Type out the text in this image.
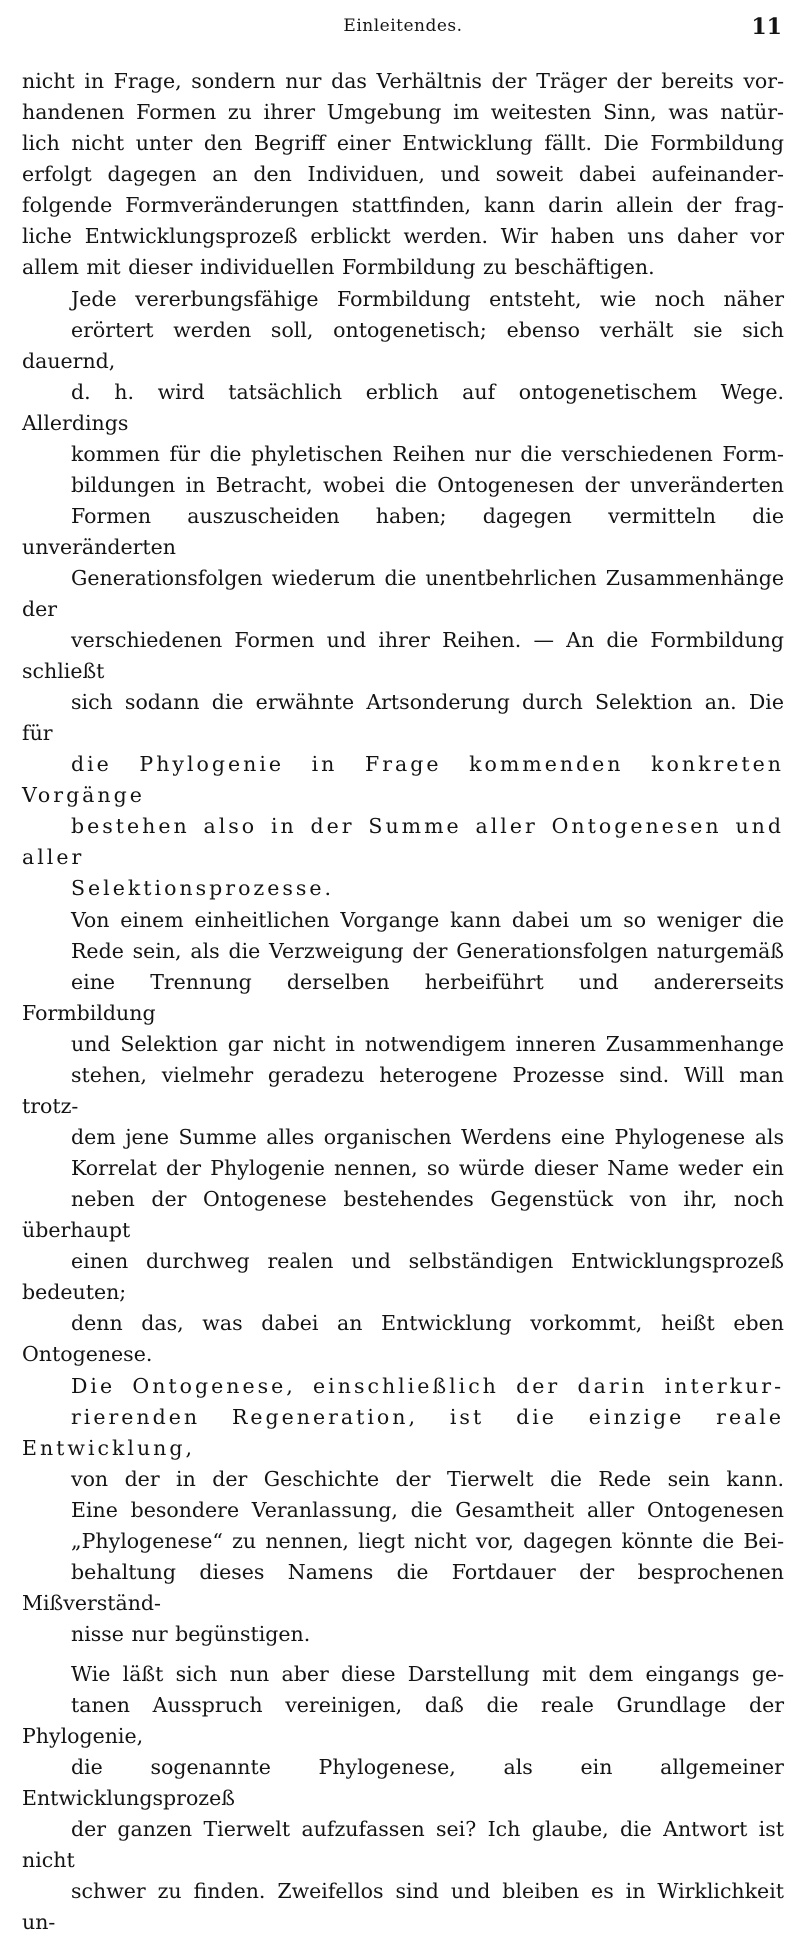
Einleitendes.	11

nicht in Frage, sondern nur das Verhältnis der Träger der bereits vor-
handenen Formen zu ihrer Umgebung im weitesten Sinn, was natür-
lich nicht unter den Begriff einer Entwicklung fällt. Die Formbildung
erfolgt dagegen an den Individuen, und soweit dabei aufeinander-
folgende Formveränderungen stattfinden, kann darin allein der frag-
liche Entwicklungsprozeß erblickt werden. Wir haben uns daher vor
allem mit dieser individuellen Formbildung zu beschäftigen.

Jede vererbungsfähige Formbildung entsteht, wie noch näher
erörtert werden soll, ontogenetisch; ebenso verhält sie sich dauernd,
d. h. wird tatsächlich erblich auf ontogenetischem Wege. Allerdings
kommen für die phyletischen Reihen nur die verschiedenen Form-
bildungen in Betracht, wobei die Ontogenesen der unveränderten
Formen auszuscheiden haben; dagegen vermitteln die unveränderten
Generationsfolgen wiederum die unentbehrlichen Zusammenhänge der
verschiedenen Formen und ihrer Reihen. — An die Formbildung schließt
sich sodann die erwähnte Artsonderung durch Selektion an. Die für
die Phylogenie in Frage kommenden konkreten Vorgänge
bestehen also in der Summe aller Ontogenesen und aller
Selektionsprozesse.

Von einem einheitlichen Vorgange kann dabei um so weniger die
Rede sein, als die Verzweigung der Generationsfolgen naturgemäß
eine Trennung derselben herbeiführt und andererseits Formbildung
und Selektion gar nicht in notwendigem inneren Zusammenhange
stehen, vielmehr geradezu heterogene Prozesse sind. Will man trotz-
dem jene Summe alles organischen Werdens eine Phylogenese als
Korrelat der Phylogenie nennen, so würde dieser Name weder ein
neben der Ontogenese bestehendes Gegenstück von ihr, noch überhaupt
einen durchweg realen und selbständigen Entwicklungsprozeß bedeuten;
denn das, was dabei an Entwicklung vorkommt, heißt eben Ontogenese.

Die Ontogenese, einschließlich der darin interkur-
rierenden Regeneration, ist die einzige reale Entwicklung,
von der in der Geschichte der Tierwelt die Rede sein kann.
Eine besondere Veranlassung, die Gesamtheit aller Ontogenesen
„Phylogenese“ zu nennen, liegt nicht vor, dagegen könnte die Bei-
behaltung dieses Namens die Fortdauer der besprochenen Mißverständ-
nisse nur begünstigen.

Wie läßt sich nun aber diese Darstellung mit dem eingangs ge-
tanen Ausspruch vereinigen, daß die reale Grundlage der Phylogenie,
die sogenannte Phylogenese, als ein allgemeiner Entwicklungsprozeß
der ganzen Tierwelt aufzufassen sei? Ich glaube, die Antwort ist nicht
schwer zu finden. Zweifellos sind und bleiben es in Wirklichkeit un-
